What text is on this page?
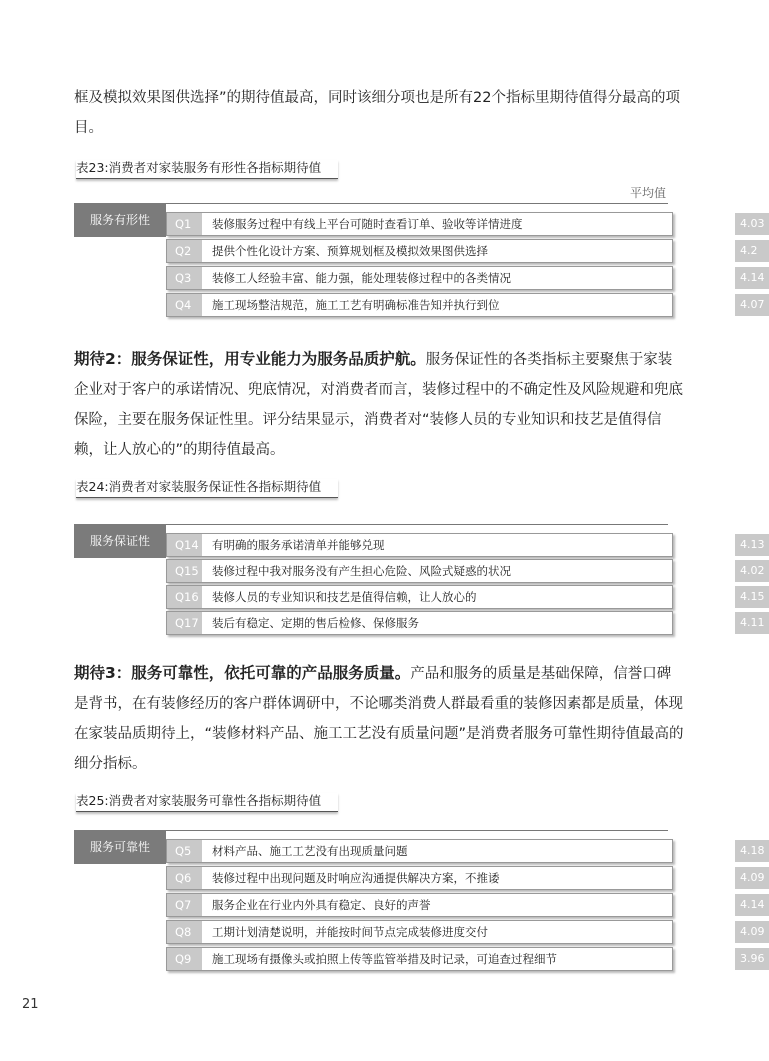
框及模拟效果图供选择”的期待值最高，同时该细分项也是所有22个指标里期待值得分最高的项目。

表23:消费者对家装服务有形性各指标期待值
平均值
服务有形性	Q1	装修服务过程中有线上平台可随时查看订单、验收等详情进度	4.03
Q2	提供个性化设计方案、预算规划框及模拟效果图供选择	4.2
Q3	装修工人经验丰富、能力强，能处理装修过程中的各类情况	4.14
Q4	施工现场整洁规范，施工工艺有明确标准告知并执行到位	4.07

期待2：服务保证性，用专业能力为服务品质护航。服务保证性的各类指标主要聚焦于家装企业对于客户的承诺情况、兜底情况，对消费者而言，装修过程中的不确定性及风险规避和兜底保险，主要在服务保证性里。评分结果显示，消费者对“装修人员的专业知识和技艺是值得信赖，让人放心的”的期待值最高。

表24:消费者对家装服务保证性各指标期待值
服务保证性	Q14 有明确的服务承诺清单并能够兑现	4.13
Q15 装修过程中我对服务没有产生担心危险、风险式疑惑的状况	4.02
Q16 装修人员的专业知识和技艺是值得信赖，让人放心的	4.15
Q17 装后有稳定、定期的售后检修、保修服务	4.11

期待3：服务可靠性，依托可靠的产品服务质量。产品和服务的质量是基础保障，信誉口碑是背书，在有装修经历的客户群体调研中，不论哪类消费人群最看重的装修因素都是质量，体现在家装品质期待上，“装修材料产品、施工工艺没有质量问题”是消费者服务可靠性期待值最高的细分指标。

表25:消费者对家装服务可靠性各指标期待值
服务可靠性	Q5	材料产品、施工工艺没有出现质量问题	4.18
Q6	装修过程中出现问题及时响应沟通提供解决方案，不推诿	4.09
Q7	服务企业在行业内外具有稳定、良好的声誉	4.14
Q8	工期计划清楚说明，并能按时间节点完成装修进度交付	4.09
Q9	施工现场有摄像头或拍照上传等监管举措及时记录，可追查过程细节	3.96
21
